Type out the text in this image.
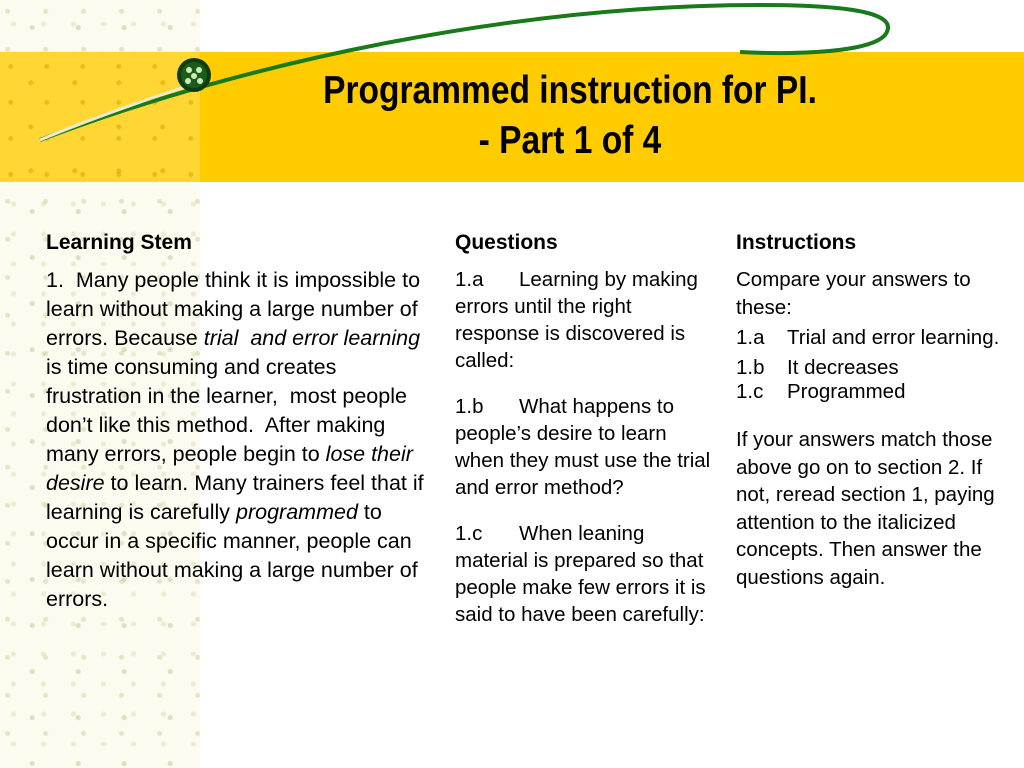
Programmed instruction for PI.
- Part 1 of 4
Learning Stem

1.  Many people think it is impossible to learn without making a large number of errors. Because trial  and error learning is time consuming and creates frustration in the learner,  most people don’t like this method.  After making many errors, people begin to lose their desire to learn. Many trainers feel that if learning is carefully programmed to occur in a specific manner, people can learn without making a large number of errors.

Questions
1.a Learning by making errors until the right response is discovered is called:
1.b What happens to people’s desire to learn when they must use the trial and error method?
1.c When leaning material is prepared so that people make few errors it is said to have been carefully:
Instructions

Compare your answers to these:

1.a Trial and error learning.
1.b It decreases
1.c Programmed

If your answers match those above go on to section 2. If not, reread section 1, paying attention to the italicized concepts. Then answer the questions again.
